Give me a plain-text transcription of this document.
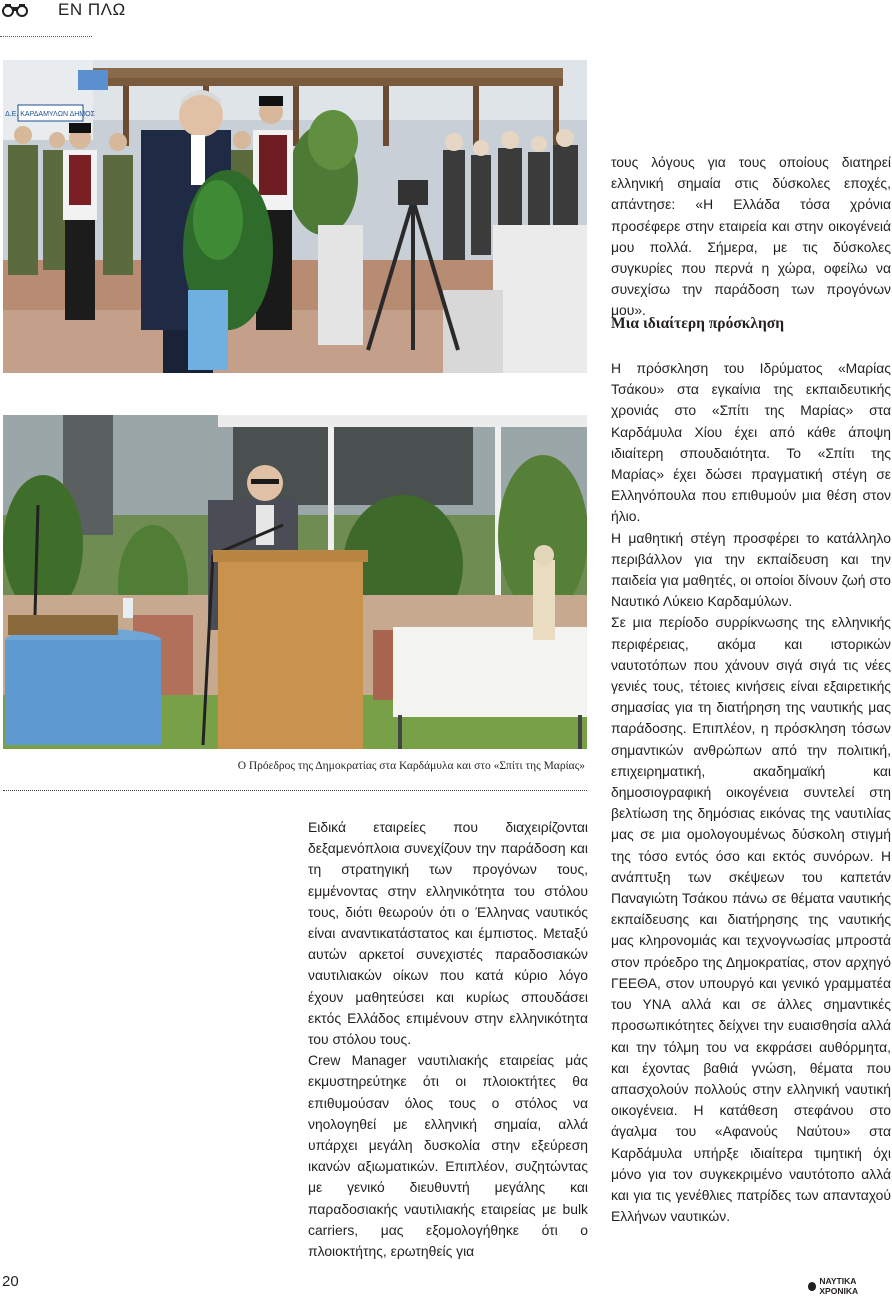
ΕΝ ΠΛΩ
Δ.Ε. ΚΑΡΔΑΜΥΛΩΝ ΔΗΜΟΣ
Ο Πρόεδρος της Δημοκρατίας στα Καρδάμυλα και στο «Σπίτι της Μαρίας»

Ειδικά εταιρείες που διαχειρίζονται δεξαμενόπλοια συνεχίζουν την παράδοση και τη στρατηγική των προγόνων τους, εμμένοντας στην ελληνικότητα του στόλου τους, διότι θεωρούν ότι ο Έλληνας ναυτικός είναι αναντικατάστατος και έμπιστος. Μεταξύ αυτών αρκετοί συνεχιστές παραδοσιακών ναυτιλιακών οίκων που κατά κύριο λόγο έχουν μαθητεύσει και κυρίως σπουδάσει εκτός Ελλάδος επιμένουν στην ελληνικότητα του στόλου τους.

Crew Manager ναυτιλιακής εταιρείας μάς εκμυστηρεύτηκε ότι οι πλοιοκτήτες θα επιθυμούσαν όλος τους ο στόλος να νηολογηθεί με ελληνική σημαία, αλλά υπάρχει μεγάλη δυσκολία στην εξεύρεση ικανών αξιωματικών. Επιπλέον, συζητώντας με γενικό διευθυντή μεγάλης και παραδοσιακής ναυτιλιακής εταιρείας με bulk carriers, μας εξομολογήθηκε ότι ο πλοιοκτήτης, ερωτηθείς για

τους λόγους για τους οποίους διατηρεί ελληνική σημαία στις δύσκολες εποχές, απάντησε: «Η Ελλάδα τόσα χρόνια προσέφερε στην εταιρεία και στην οικογένειά μου πολλά. Σήμερα, με τις δύσκολες συγκυρίες που περνά η χώρα, οφείλω να συνεχίσω την παράδοση των προγόνων μου».

Μια ιδιαίτερη πρόσκληση

Η πρόσκληση του Ιδρύματος «Μαρίας Τσάκου» στα εγκαίνια της εκπαιδευτικής χρονιάς στο «Σπίτι της Μαρίας» στα Καρδάμυλα Χίου έχει από κάθε άποψη ιδιαίτερη σπουδαιότητα. Το «Σπίτι της Μαρίας» έχει δώσει πραγματική στέγη σε Ελληνόπουλα που επιθυμούν μια θέση στον ήλιο.

Η μαθητική στέγη προσφέρει το κατάλληλο περιβάλλον για την εκπαίδευση και την παιδεία για μαθητές, οι οποίοι δίνουν ζωή στο Ναυτικό Λύκειο Καρδαμύλων.

Σε μια περίοδο συρρίκνωσης της ελληνικής περιφέρειας, ακόμα και ιστορικών ναυτοτόπων που χάνουν σιγά σιγά τις νέες γενιές τους, τέτοιες κινήσεις είναι εξαιρετικής σημασίας για τη διατήρηση της ναυτικής μας παράδοσης. Επιπλέον, η πρόσκληση τόσων σημαντικών ανθρώπων από την πολιτική, επιχειρηματική, ακαδημαϊκή και δημοσιογραφική οικογένεια συντελεί στη βελτίωση της δημόσιας εικόνας της ναυτιλίας μας σε μια ομολογουμένως δύσκολη στιγμή της τόσο εντός όσο και εκτός συνόρων. Η ανάπτυξη των σκέψεων του καπετάν Παναγιώτη Τσάκου πάνω σε θέματα ναυτικής εκπαίδευσης και διατήρησης της ναυτικής μας κληρονομιάς και τεχνογνωσίας μπροστά στον πρόεδρο της Δημοκρατίας, στον αρχηγό ΓΕΕΘΑ, στον υπουργό και γενικό γραμματέα του ΥΝΑ αλλά και σε άλλες σημαντικές προσωπικότητες δείχνει την ευαισθησία αλλά και την τόλμη του να εκφράσει αυθόρμητα, και έχοντας βαθιά γνώση, θέματα που απασχολούν πολλούς στην ελληνική ναυτική οικογένεια. Η κατάθεση στεφάνου στο άγαλμα του «Αφανούς Ναύτου» στα Καρδάμυλα υπήρξε ιδιαίτερα τιμητική όχι μόνο για τον συγκεκριμένο ναυτότοπο αλλά και για τις γενέθλιες πατρίδες των απανταχού Ελλήνων ναυτικών.

20	ΝΑΥΤΙΚΑ ΧΡΟΝΙΚΑ
